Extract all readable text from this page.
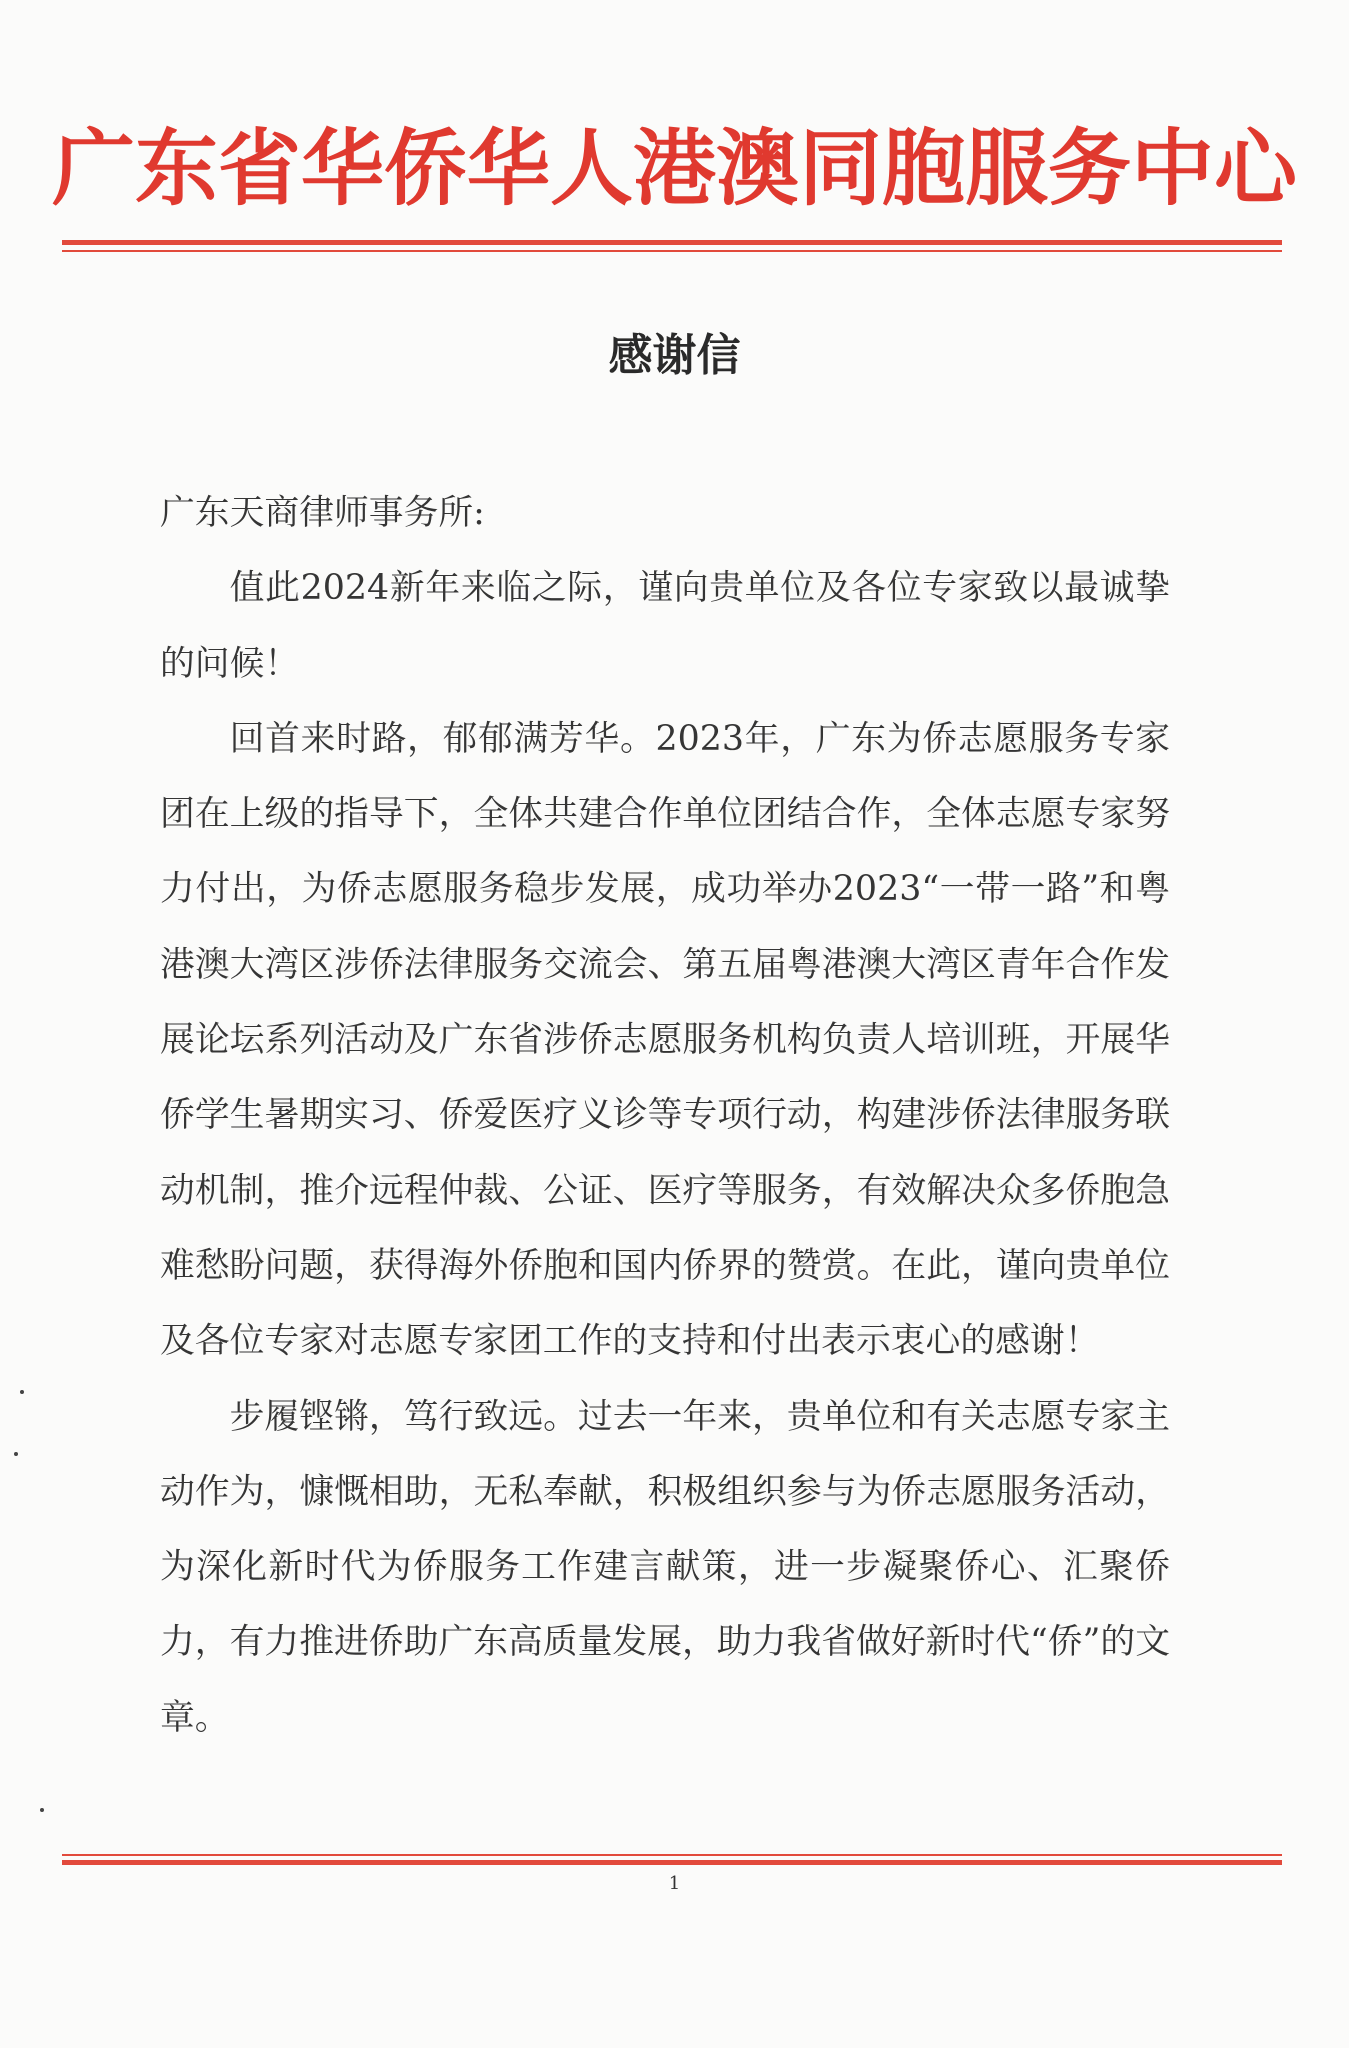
广东省华侨华人港澳同胞服务中心
感谢信

广东天商律师事务所:

值此2024新年来临之际，谨向贵单位及各位专家致以最诚挚的问候！

回首来时路，郁郁满芳华。2023年，广东为侨志愿服务专家团在上级的指导下，全体共建合作单位团结合作，全体志愿专家努力付出，为侨志愿服务稳步发展，成功举办2023“一带一路”和粤港澳大湾区涉侨法律服务交流会、第五届粤港澳大湾区青年合作发展论坛系列活动及广东省涉侨志愿服务机构负责人培训班，开展华侨学生暑期实习、侨爱医疗义诊等专项行动，构建涉侨法律服务联动机制，推介远程仲裁、公证、医疗等服务，有效解决众多侨胞急难愁盼问题，获得海外侨胞和国内侨界的赞赏。在此，谨向贵单位及各位专家对志愿专家团工作的支持和付出表示衷心的感谢！

步履铿锵，笃行致远。过去一年来，贵单位和有关志愿专家主动作为，慷慨相助，无私奉献，积极组织参与为侨志愿服务活动，为深化新时代为侨服务工作建言献策，进一步凝聚侨心、汇聚侨力，有力推进侨助广东高质量发展，助力我省做好新时代“侨”的文章。

1
